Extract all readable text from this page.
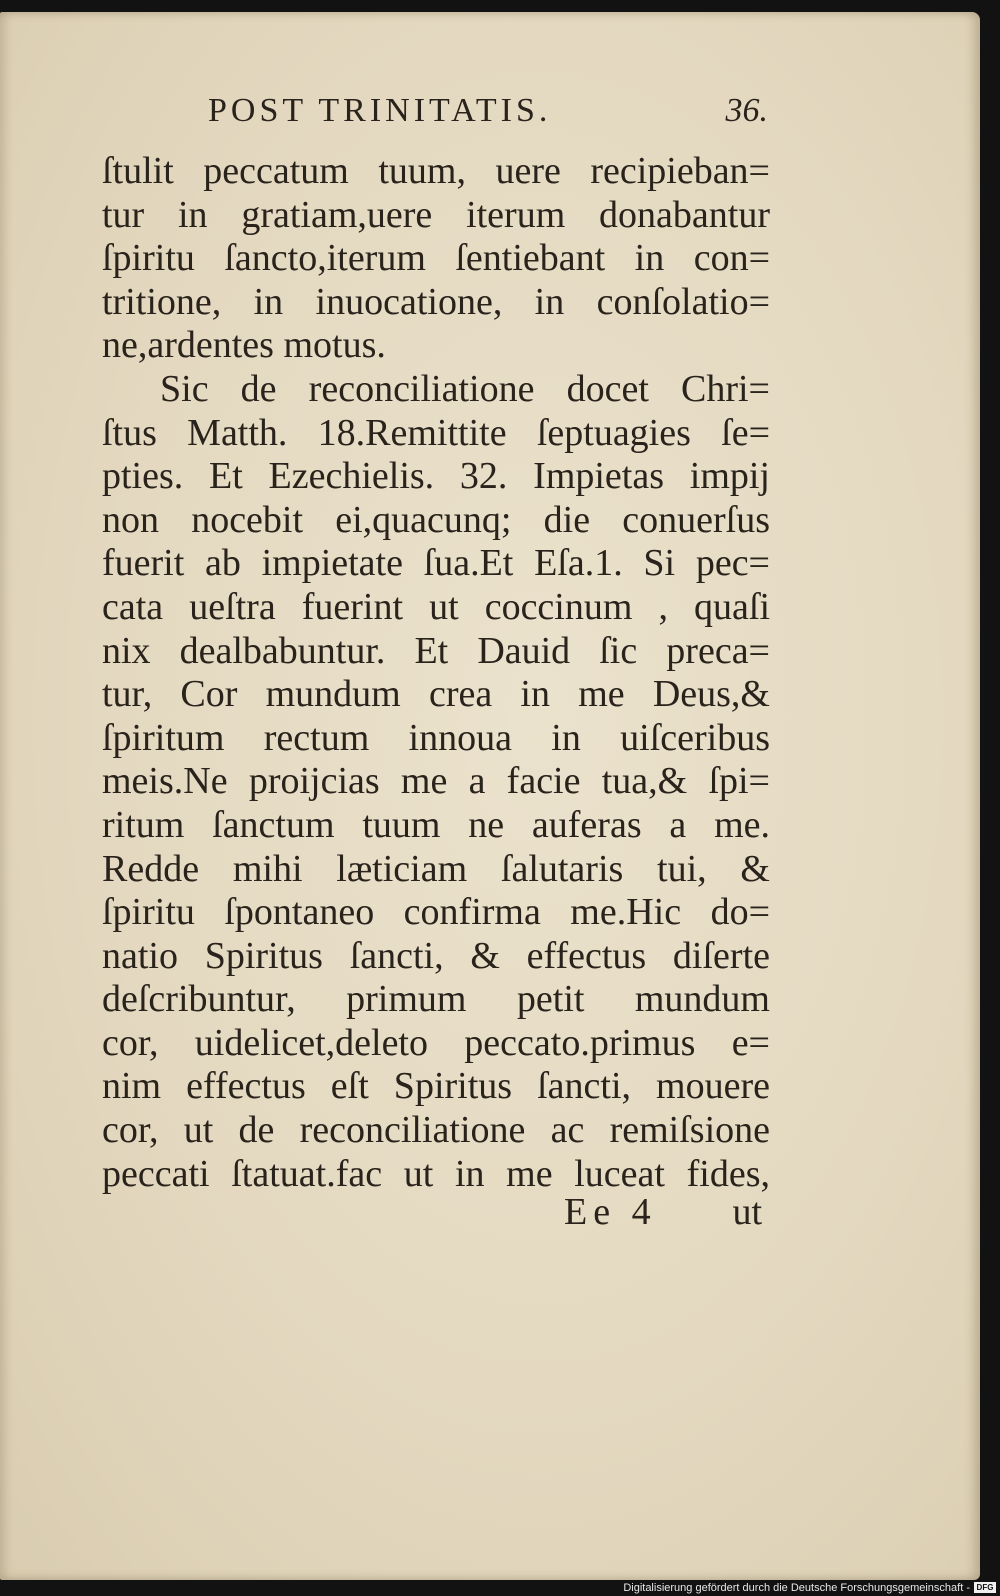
POST TRINITATIS.	36.
ſtulit peccatum tuum, uere recipieban=
tur in gratiam,uere iterum donabantur
ſpiritu ſancto,iterum ſentiebant in con=
tritione, in inuocatione, in conſolatio=
ne,ardentes motus.
Sic de reconciliatione docet Chri=
ſtus Matth. 18.Remittite ſeptuagies ſe=
pties. Et Ezechielis. 32. Impietas impij
non nocebit ei,quacunq; die conuerſus
fuerit ab impietate ſua.Et Eſa.1. Si pec=
cata ueſtra fuerint ut coccinum , quaſi
nix dealbabuntur. Et Dauid ſic preca=
tur, Cor mundum crea in me Deus,&
ſpiritum rectum innoua in uiſceribus
meis.Ne proijcias me a facie tua,& ſpi=
ritum ſanctum tuum ne auferas a me.
Redde mihi læticiam ſalutaris tui, &
ſpiritu ſpontaneo confirma me.Hic do=
natio Spiritus ſancti, & effectus diſerte
deſcribuntur, primum petit mundum
cor, uidelicet,deleto peccato.primus e=
nim effectus eſt Spiritus ſancti, mouere
cor, ut de reconciliatione ac remiſsione
peccati ſtatuat.fac ut in me luceat fides,
Ee 4 ut
Digitalisierung gefördert durch die Deutsche Forschungsgemeinschaft - DFG
